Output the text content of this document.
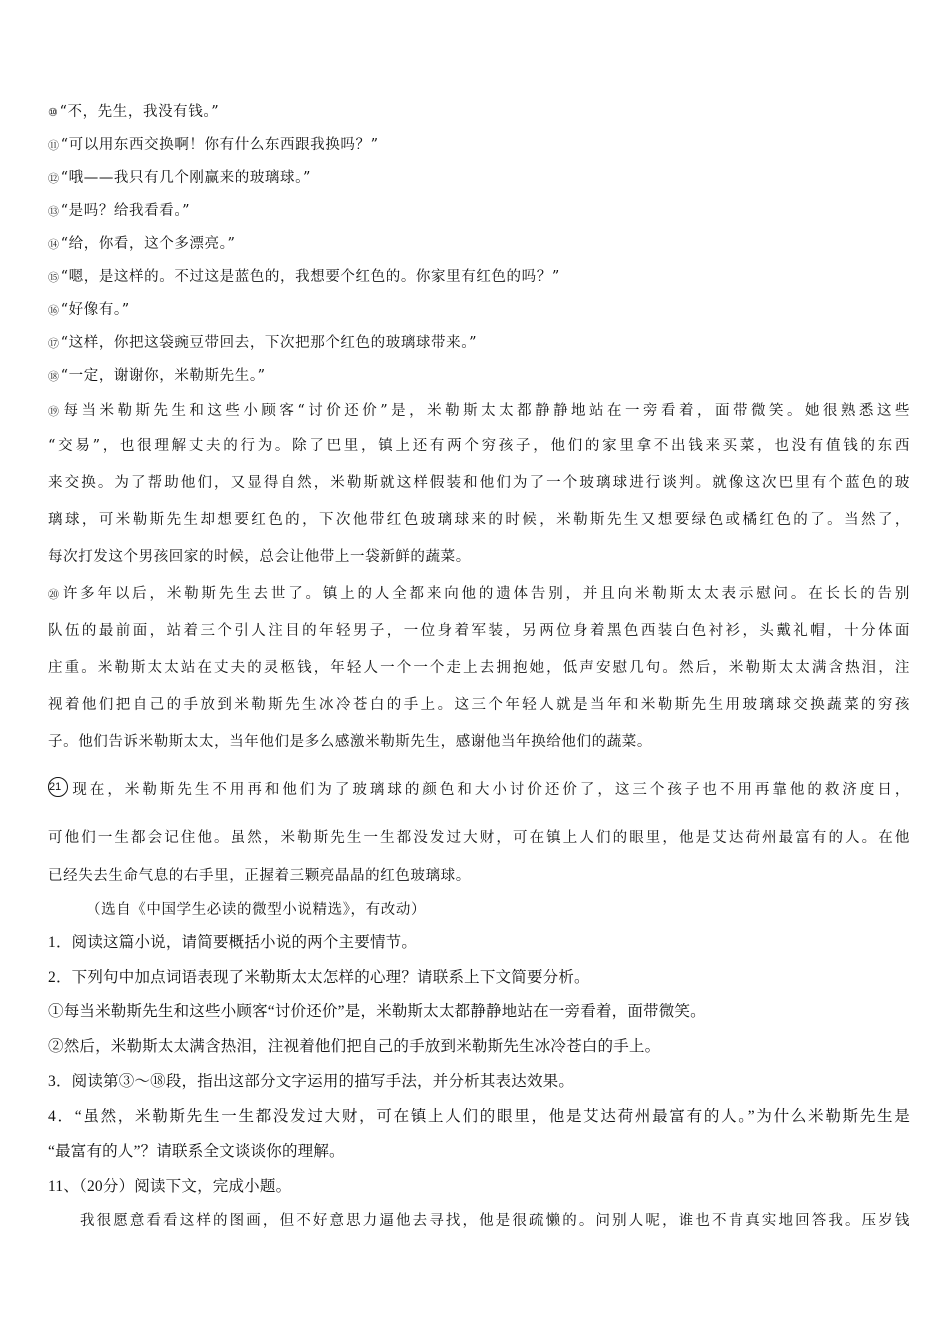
⑩“不，先生，我没有钱。”
⑪“可以用东西交换啊！你有什么东西跟我换吗？”
⑫“哦——我只有几个刚赢来的玻璃球。”
⑬“是吗？给我看看。”
⑭“给，你看，这个多漂亮。”
⑮“嗯，是这样的。不过这是蓝色的，我想要个红色的。你家里有红色的吗？”
⑯“好像有。”
⑰“这样，你把这袋豌豆带回去，下次把那个红色的玻璃球带来。”
⑱“一定，谢谢你，米勒斯先生。”
⑲每当米勒斯先生和这些小顾客“讨价还价”是，米勒斯太太都静静地站在一旁看着，面带微笑。她很熟悉这些
“交易”，也很理解丈夫的行为。除了巴里，镇上还有两个穷孩子，他们的家里拿不出钱来买菜，也没有值钱的东西
来交换。为了帮助他们，又显得自然，米勒斯就这样假装和他们为了一个玻璃球进行谈判。就像这次巴里有个蓝色的玻
璃球，可米勒斯先生却想要红色的，下次他带红色玻璃球来的时候，米勒斯先生又想要绿色或橘红色的了。当然了，
每次打发这个男孩回家的时候，总会让他带上一袋新鲜的蔬菜。
⑳许多年以后，米勒斯先生去世了。镇上的人全都来向他的遗体告别，并且向米勒斯太太表示慰问。在长长的告别
队伍的最前面，站着三个引人注目的年轻男子，一位身着军装，另两位身着黑色西装白色衬衫，头戴礼帽，十分体面
庄重。米勒斯太太站在丈夫的灵柩钱，年轻人一个一个走上去拥抱她，低声安慰几句。然后，米勒斯太太满含热泪，注
视着他们把自己的手放到米勒斯先生冰冷苍白的手上。这三个年轻人就是当年和米勒斯先生用玻璃球交换蔬菜的穷孩
子。他们告诉米勒斯太太，当年他们是多么感激米勒斯先生，感谢他当年换给他们的蔬菜。
21 现在，米勒斯先生不用再和他们为了玻璃球的颜色和大小讨价还价了，这三个孩子也不用再靠他的救济度日，
可他们一生都会记住他。虽然，米勒斯先生一生都没发过大财，可在镇上人们的眼里，他是艾达荷州最富有的人。在他
已经失去生命气息的右手里，正握着三颗亮晶晶的红色玻璃球。
（选自《中国学生必读的微型小说精选》，有改动）
1．阅读这篇小说，请简要概括小说的两个主要情节。
2．下列句中加点词语表现了米勒斯太太怎样的心理？请联系上下文简要分析。
①每当米勒斯先生和这些小顾客“讨价还价”是，米勒斯太太都静静地站在一旁看着，面带微笑。
②然后，米勒斯太太满含热泪，注视着他们把自己的手放到米勒斯先生冰冷苍白的手上。
3．阅读第③～⑱段，指出这部分文字运用的描写手法，并分析其表达效果。
4．“虽然，米勒斯先生一生都没发过大财，可在镇上人们的眼里，他是艾达荷州最富有的人。”为什么米勒斯先生是
“最富有的人”？请联系全文谈谈你的理解。
11、（20分）阅读下文，完成小题。
我很愿意看看这样的图画，但不好意思力逼他去寻找，他是很疏懒的。问别人呢，谁也不肯真实地回答我。压岁钱
